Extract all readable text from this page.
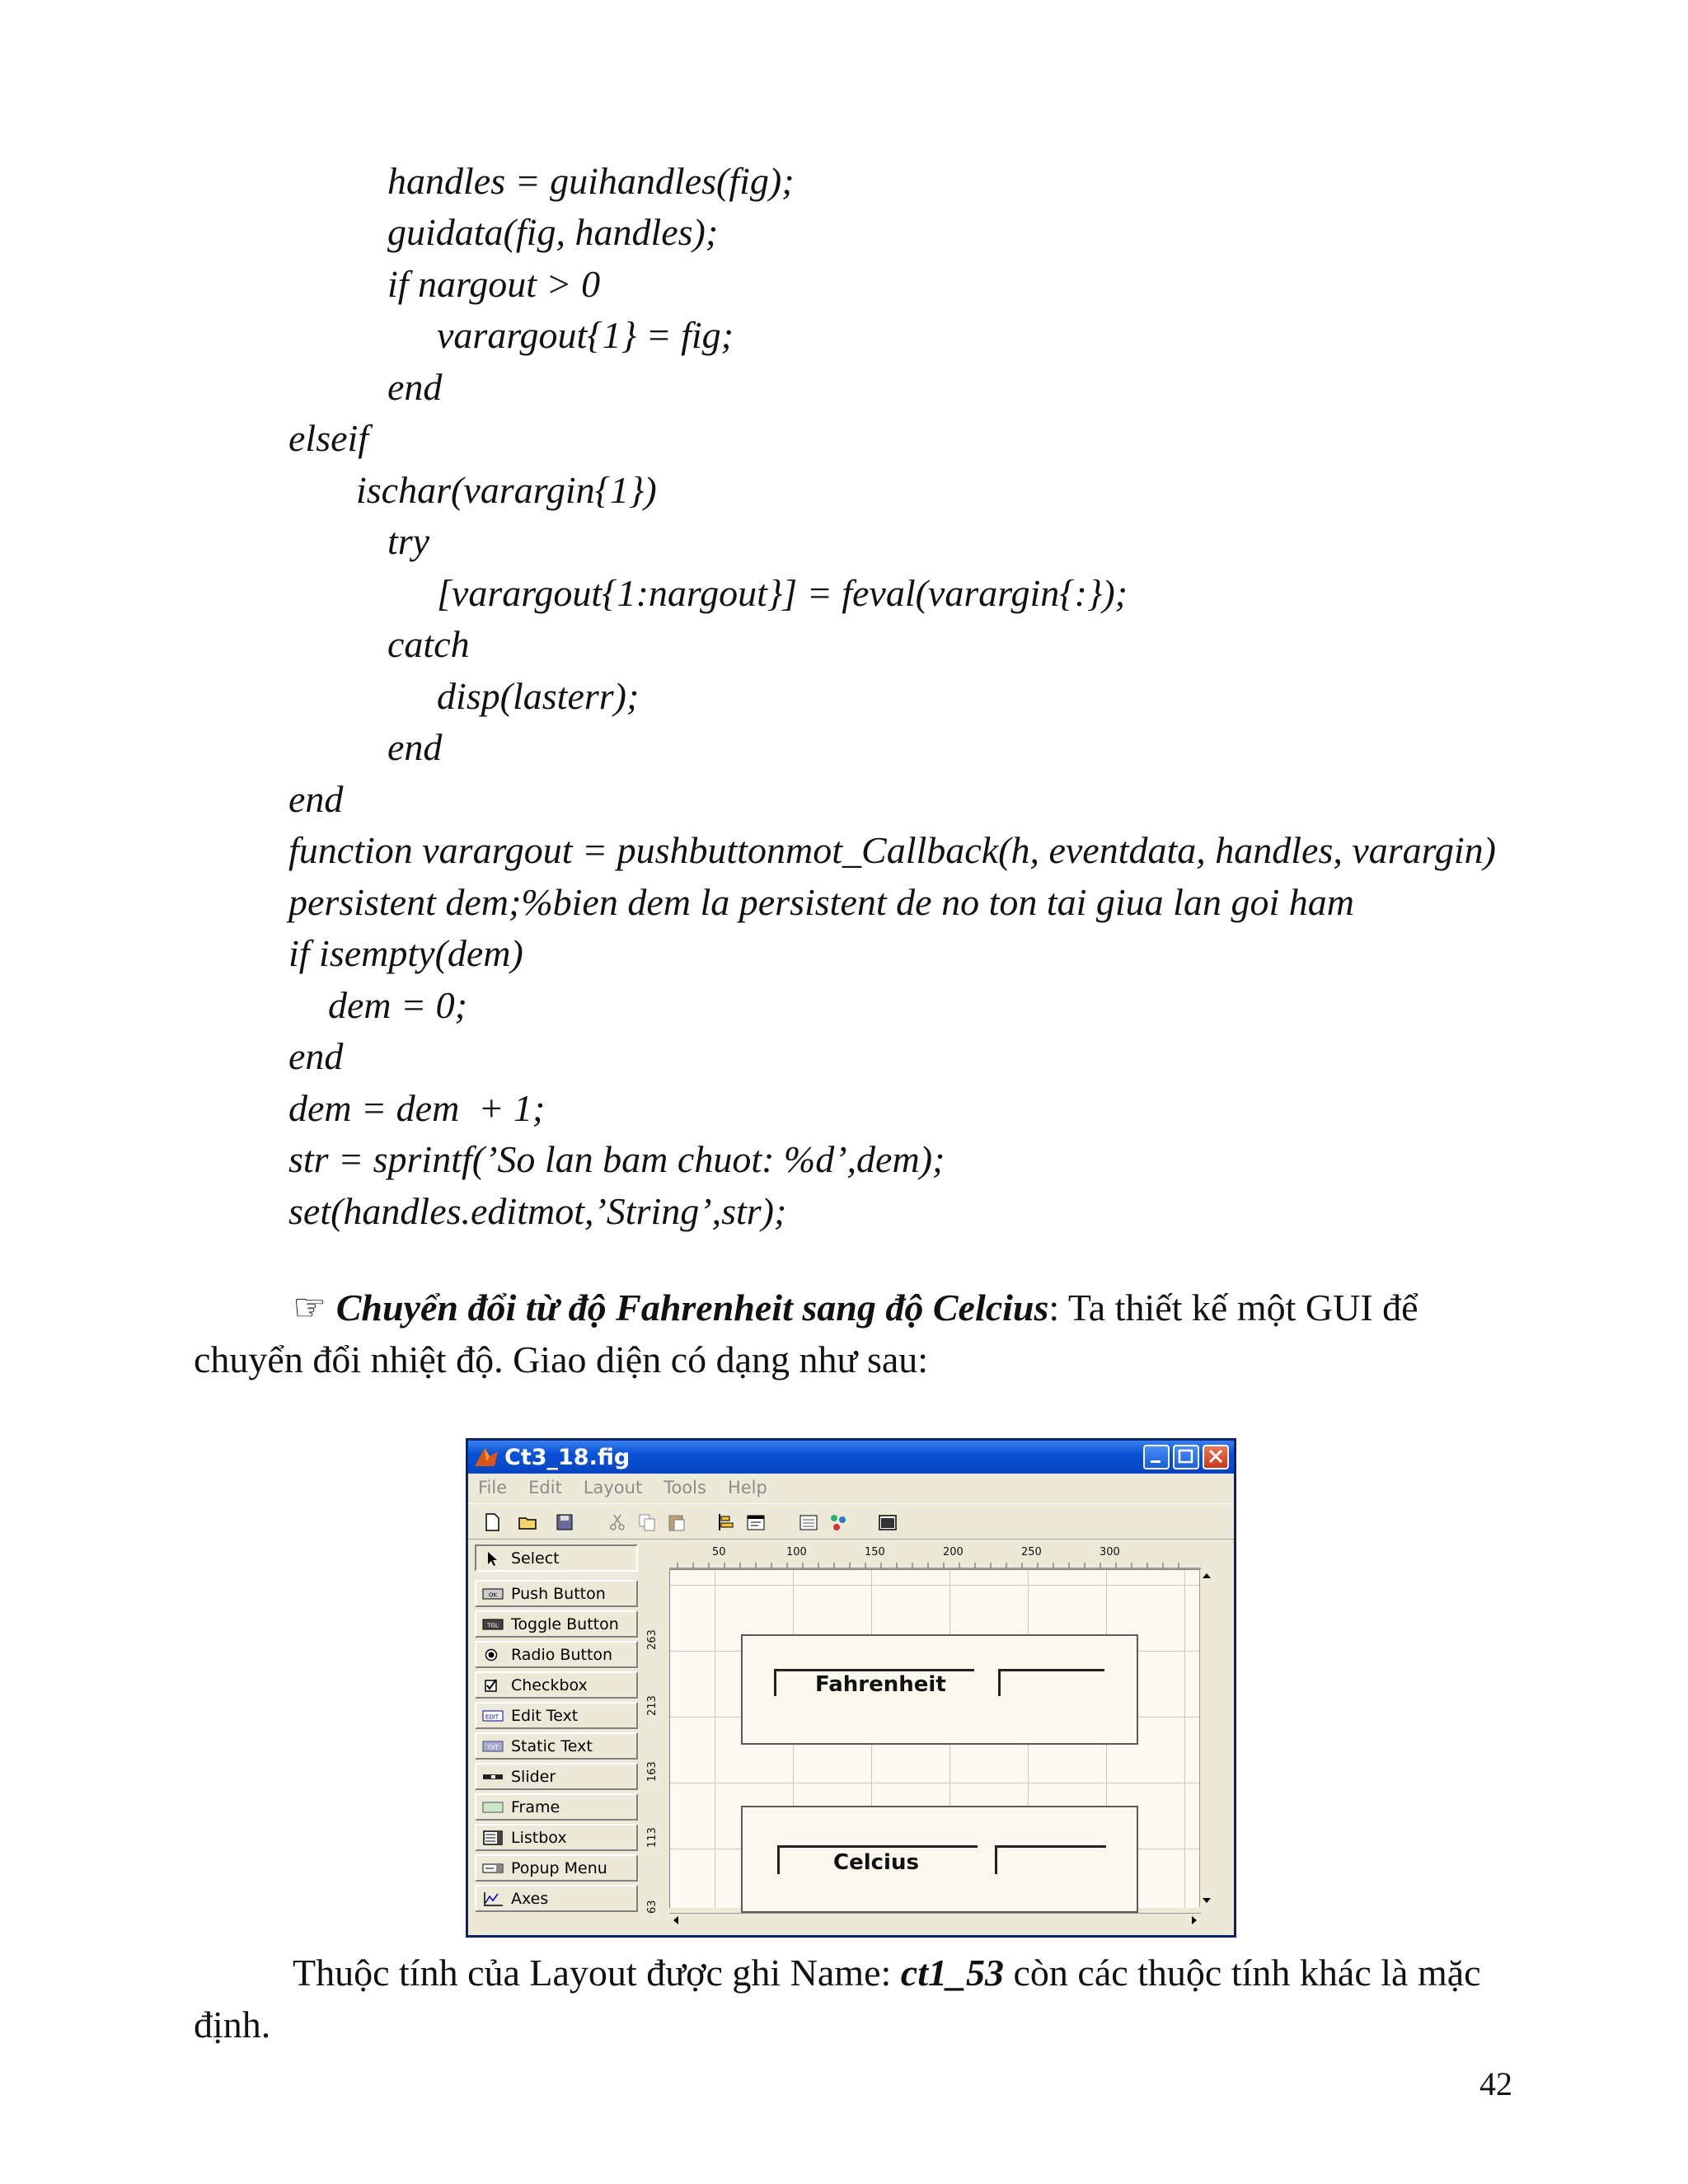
handles = guihandles(fig);
guidata(fig, handles);
if nargout > 0
varargout{1} = fig;
end
elseif
ischar(varargin{1})
try
[varargout{1:nargout}] = feval(varargin{:});
catch
disp(lasterr);
end
end
function varargout = pushbuttonmot_Callback(h, eventdata, handles, varargin)
persistent dem;%bien dem la persistent de no ton tai giua lan goi ham
if isempty(dem)
dem = 0;
end
dem = dem  + 1;
str = sprintf(’So lan bam chuot: %d’,dem);
set(handles.editmot,’String’,str);
☞ Chuyển đổi từ độ Fahrenheit sang độ Celcius: Ta thiết kế một GUI để chuyển đổi nhiệt độ. Giao diện có dạng như sau:
Ct3_18.fig
File Edit Layout Tools Help
Select
OK Push Button
TGL Toggle Button
Radio Button
Checkbox
EDIT Edit Text
TXT Static Text
Slider
Frame
Listbox
Popup Menu
Axes
50	100	150	200	250	300
263
213
163
113
63
Fahrenheit
Celcius
Thuộc tính của Layout được ghi Name: ct1_53 còn các thuộc tính khác là mặc định.
42
